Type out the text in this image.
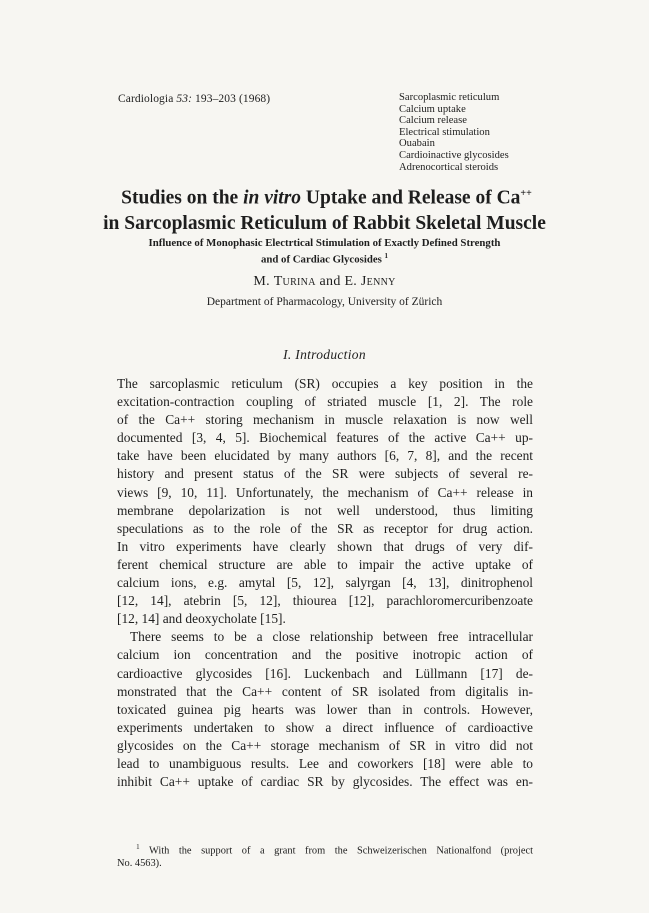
Cardiologia 53: 193–203 (1968)	Sarcoplasmic reticulum
Calcium uptake
Calcium release
Electrical stimulation
Ouabain
Cardioinactive glycosides
Adrenocortical steroids
Studies on the in vitro Uptake and Release of Ca++
in Sarcoplasmic Reticulum of Rabbit Skeletal Muscle
Influence of Monophasic Electrtical Stimulation of Exactly Defined Strength
and of Cardiac Glycosides $^1$
M. Turina and E. Jenny
Department of Pharmacology, University of Zürich
I. Introduction
The sarcoplasmic reticulum (SR) occupies a key position in the
excitation-contraction coupling of striated muscle [1, 2]. The role
of the Ca++ storing mechanism in muscle relaxation is now well
documented [3, 4, 5]. Biochemical features of the active Ca++ up-
take have been elucidated by many authors [6, 7, 8], and the recent
history and present status of the SR were subjects of several re-
views [9, 10, 11]. Unfortunately, the mechanism of Ca++ release in
membrane depolarization is not well understood, thus limiting
speculations as to the role of the SR as receptor for drug action.
In vitro experiments have clearly shown that drugs of very dif-
ferent chemical structure are able to impair the active uptake of
calcium ions, e.g. amytal [5, 12], salyrgan [4, 13], dinitrophenol
[12, 14], atebrin [5, 12], thiourea [12], parachloromercuribenzoate
[12, 14] and deoxycholate [15].
There seems to be a close relationship between free intracellular
calcium ion concentration and the positive inotropic action of
cardioactive glycosides [16]. Luckenbach and Lüllmann [17] de-
monstrated that the Ca++ content of SR isolated from digitalis in-
toxicated guinea pig hearts was lower than in controls. However,
experiments undertaken to show a direct influence of cardioactive
glycosides on the Ca++ storage mechanism of SR in vitro did not
lead to unambiguous results. Lee and coworkers [18] were able to
inhibit Ca++ uptake of cardiac SR by glycosides. The effect was en-
$^1$ With the support of a grant from the Schweizerischen Nationalfond (project
No. 4563).
